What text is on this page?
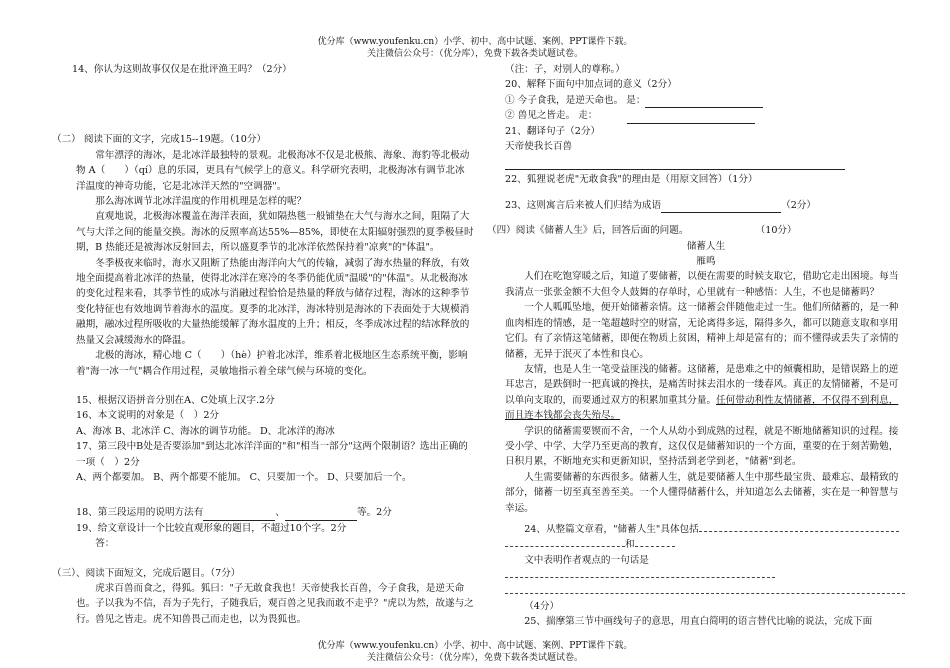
优分库（www.youfenku.cn）小学、初中、高中试题、案例、PPT课件下载。
关注微信公众号：（优分库），免费下载各类试题试卷。

14、你认为这则故事仅仅是在批评渔王吗？（2分）

（二） 阅读下面的文字，完成15--19题。（10分）

常年漂浮的海冰，是北冰洋最独特的景观。北极海冰不仅是北极熊、海象、海豹等北极动物 A（　　）（qí）息的乐园，更具有气候学上的意义。科学研究表明，北极海冰有调节北冰洋温度的神奇功能，它是北冰洋天然的"空调器"。

那么海冰调节北冰洋温度的作用机理是怎样的呢？

直观地说，北极海冰覆盖在海洋表面，犹如隔热毯一般铺垫在大气与海水之间，阻隔了大气与大洋之间的能量交换。海冰的反照率高达55%—85%，即使在太阳辐射强烈的夏季极昼时期，B 热能还是被海冰反射回去，所以盛夏季节的北冰洋依然保持着"凉爽"的"体温"。

冬季极夜来临时，海水又阻断了热能由海洋向大气的传输，减弱了海水热量的释放，有效地全面提高着北冰洋的热量，使得北冰洋在寒冷的冬季仍能优质"温暖"的"体温"。从北极海冰的变化过程来看，其季节性的成冰与消融过程恰恰是热量的释放与储存过程，海冰的这种季节变化特征也有效地调节着海水的温度。夏季的北冰洋，海冰特别是海冰的下表面处于大规模消融期，融冰过程所吸收的大量热能缓解了海水温度的上升；相反，冬季成冰过程的结冰释放的热量又会减缓海水的降温。

北极的海冰，精心地 C（　　）（hè）护着北冰洋，维系着北极地区生态系统平衡，影响着"海一冰一气"耦合作用过程，灵敏地指示着全球气候与环境的变化。

15、根据汉语拼音分别在A、C处填上汉字.2分

16、本文说明的对象是（　）2分

A、海冰 B、北冰洋 C、海冰的调节功能。 D、北冰洋的海冰

17、第三段中B处是否要添加"到达北冰洋洋面的"和"相当一部分"这两个限制语？选出正确的一项（　）2分

A、两个都要加。 B、两个都要不能加。 C、只要加一个。 D、只要加后一个。

18、第三段运用的说明方法有	、	等。2分

19、给文章设计一个比较直观形象的题目，不超过10个字。2分

答：

（三）、阅读下面短文，完成后题目。（7分）

虎求百兽而食之，得狐。狐曰："子无敢食我也！天帝使我长百兽，今子食我，是逆天命也。子以我为不信，吾为子先行，子随我后，观百兽之见我而敢不走乎？"虎以为然，故遂与之行。兽见之皆走。虎不知兽畏己而走也，以为畏狐也。

（注：子，对别人的尊称。）

20、解释下面句中加点词的意义（2分）

① 今子食我，是逆天命也。 是：

② 兽见之皆走。 走：

21、翻译句子（2分）

天帝使我长百兽

22、狐狸说老虎"无敢食我"的理由是（用原文回答）（1分）

23、这则寓言后来被人们归结为成语	（2分）

（四）阅读《储蓄人生》后，回答后面的问题。　　　　　　　　（10分）

储蓄人生

雁鸣

人们在吃饱穿暖之后，知道了要储蓄，以便在需要的时候支取它，借助它走出困境。每当我清点一张张金额不大但令人鼓舞的存单时，心里就有一种感悟：人生，不也是储蓄吗？

一个人呱呱坠地，便开始储蓄亲情。这一储蓄会伴随他走过一生。他们所储蓄的，是一种血肉相连的情感，是一笔超越时空的财富，无论离得多远，隔得多久，都可以随意支取和享用它们。有了亲情这笔储蓄，即便在物质上贫困，精神上却是富有的；而不懂得或丢失了亲情的储蓄，无异于泯灭了本性和良心。

友情，也是人生一笔受益匪浅的储蓄。这储蓄，是患难之中的倾囊相助，是错误路上的逆耳忠言，是跌倒时一把真诚的搀扶，是痛苦时抹去泪水的一缕春风。真正的友情储蓄，不是可以单向支取的，而要通过双方的积累加重其分量。任何带动利性友情储蓄，不仅得不到利息，而且连本钱都会丧失殆尽。

学识的储蓄需要锲而不舍，一个人从幼小到成熟的过程，就是不断地储蓄知识的过程。接受小学、中学、大学乃至更高的教育，这仅仅是储蓄知识的一个方面，重要的在于刻苦勤勉，日积月累，不断地充实和更新知识，坚持活到老学到老，"储蓄"到老。

人生需要储蓄的东西很多。储蓄人生，就是要储蓄人生中那些最宝贵、最难忘、最精致的部分，储蓄一切至真至善至美。一个人懂得储蓄什么，并知道怎么去储蓄，实在是一种智慧与幸运。

24、从整篇文章看，"储蓄人生"具体包括

和

文中表明作者观点的一句话是

（4分）

25、揣摩第三节中画线句子的意思，用直白简明的语言替代比喻的说法，完成下面

优分库（www.youfenku.cn）小学、初中、高中试题、案例、PPT课件下载。
关注微信公众号：（优分库），免费下载各类试题试卷。
